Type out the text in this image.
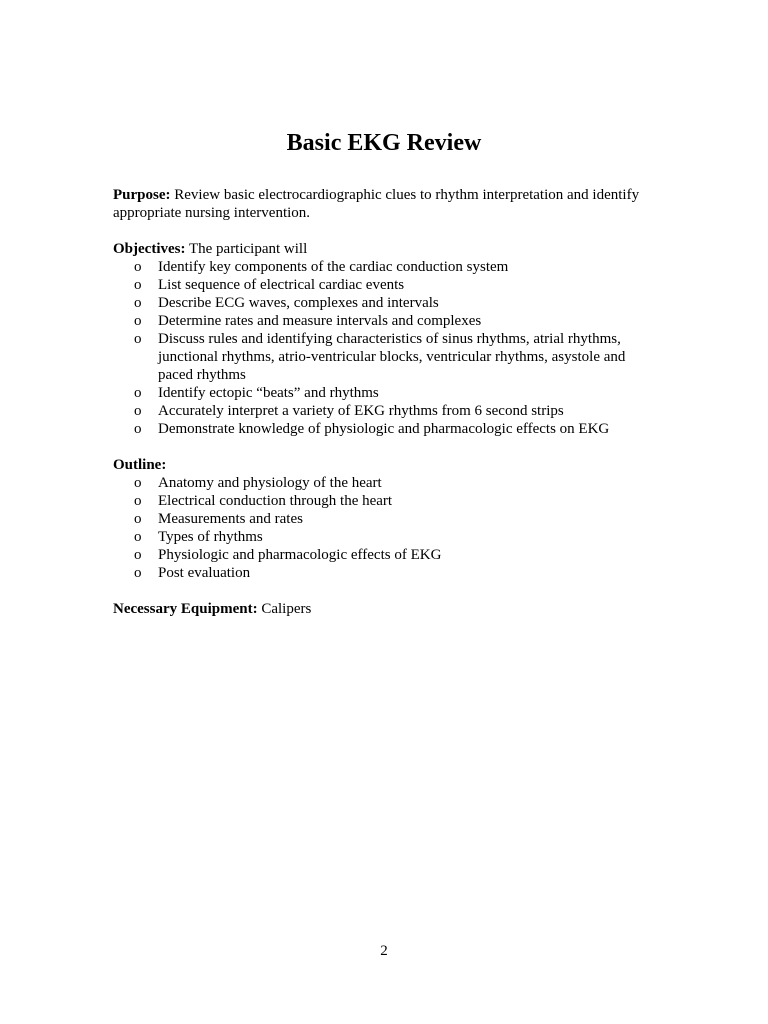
Basic EKG Review

Purpose: Review basic electrocardiographic clues to rhythm interpretation and identify appropriate nursing intervention.

Objectives: The participant will

o Identify key components of the cardiac conduction system
o List sequence of electrical cardiac events
o Describe ECG waves, complexes and intervals
o Determine rates and measure intervals and complexes
o Discuss rules and identifying characteristics of sinus rhythms, atrial rhythms, junctional rhythms, atrio-ventricular blocks, ventricular rhythms, asystole and paced rhythms
o Identify ectopic “beats” and rhythms
o Accurately interpret a variety of EKG rhythms from 6 second strips
o Demonstrate knowledge of physiologic and pharmacologic effects on EKG

Outline:

o Anatomy and physiology of the heart
o Electrical conduction through the heart
o Measurements and rates
o Types of rhythms
o Physiologic and pharmacologic effects of EKG
o Post evaluation

Necessary Equipment: Calipers

2
